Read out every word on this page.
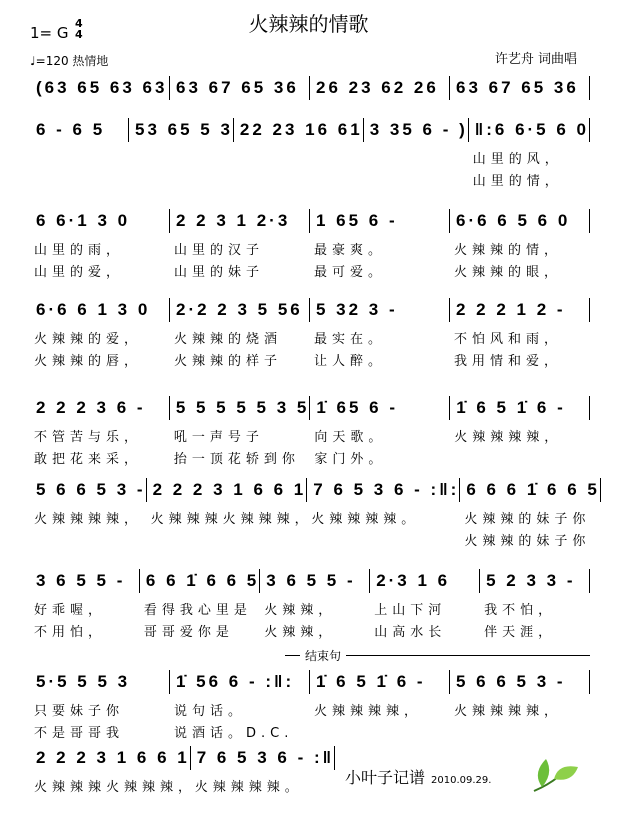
火辣辣的情歌
1= G
4
4
♩=120 热情地	许艺舟 词曲唱
(63 65 63 63 63 67 65 36	26 23 62 26	63 67 65 36
6 - 6 5	53 65 5 3 22 23 16 61 3 35 6 - ) ‖:6 6·5 6 0
山里的风，
山里的情，
6 6·1 3 0
山里的雨，
山里的爱，
2 2 3 1 2·3
山里的汉子
山里的妹子
1 65 6 -
最豪爽。
最可爱。
6·6 6 5 6 0
火辣辣的情，
火辣辣的眼，
6·6 6 1 3 0
火辣辣的爱，
火辣辣的唇，
2·2 2 3 5 56
火辣辣的烧酒
火辣辣的样子
5 32 3 -
最实在。
让人醉。
2 2 2 1 2 -
不怕风和雨，
我用情和爱，
2 2 2 3 6 -
不管苦与乐，
敢把花来采，
5 5 5 5 5 3 5
吼一声号子
抬一顶花轿到你
1̇ 65 6 -
向天歌。
家门外。
1̇ 6 5 1̇ 6 -
火辣辣辣辣，
5 6 6 5 3 -
火辣辣辣辣，
2 2 2 3 1 6 6 1
火辣辣辣火辣辣辣，
7 6 5 3 6 - :‖:
火辣辣辣辣。
6 6 6 1̇ 6 6 5
火辣辣的妹子你
火辣辣的妹子你
3 6 5 5 -
好乖喔，
不用怕，
6 6 1̇ 6 6 5
看得我心里是
哥哥爱你是
3 6 5 5 -
火辣辣，
火辣辣，
2·3 1 6
上山下河
山高水长
5 2 3 3 -
我不怕，
伴天涯，
5·5 5 5 3
只要妹子你
不是哥哥我
1̇ 56 6 - :‖:
说句话。
说酒话。D.C.
1̇ 6 5 1̇ 6 -
火辣辣辣辣，
5 6 6 5 3 -
火辣辣辣辣，
2 2 2 3 1 6 6 1
火辣辣辣火辣辣辣，
7 6 5 3 6 - :‖
火辣辣辣辣。
结束句
小叶子记谱 2010.09.29.
